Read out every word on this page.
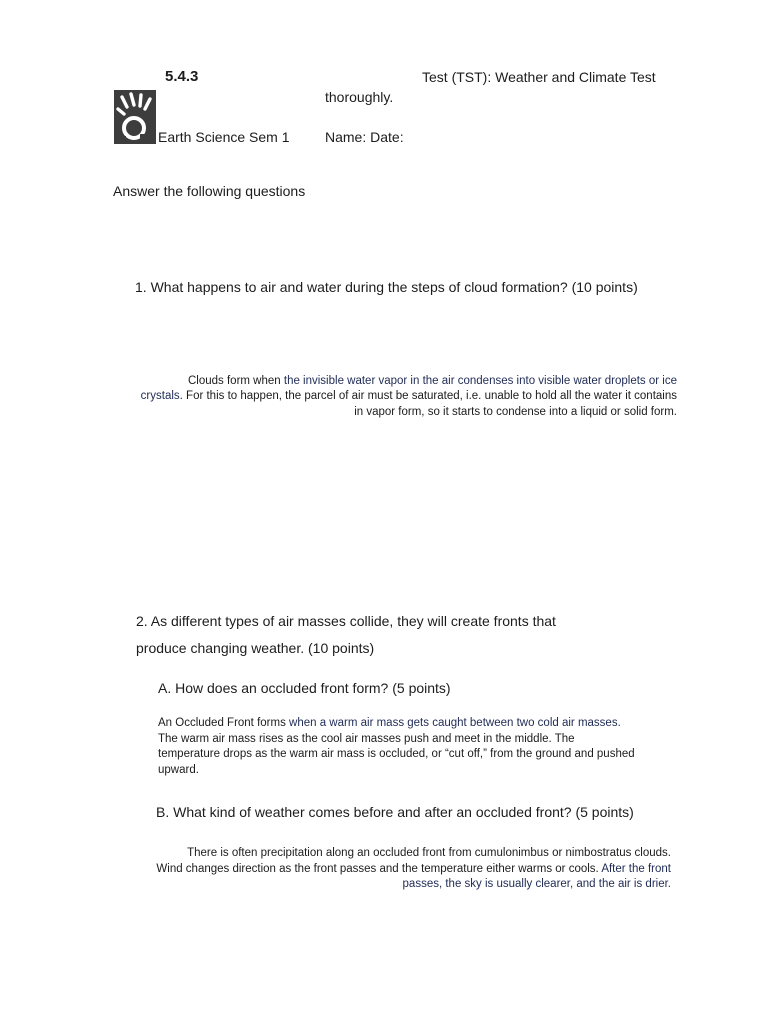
5.4.3	Test (TST): Weather and Climate Test
thoroughly.
Earth Science Sem 1	Name: Date:
Answer the following questions
1. What happens to air and water during the steps of cloud formation? (10 points)
Clouds form when the invisible water vapor in the air condenses into visible water droplets or ice
crystals. For this to happen, the parcel of air must be saturated, i.e. unable to hold all the water it contains
in vapor form, so it starts to condense into a liquid or solid form.
2. As different types of air masses collide, they will create fronts that
produce changing weather. (10 points)
A. How does an occluded front form? (5 points)
An Occluded Front forms when a warm air mass gets caught between two cold air masses.
The warm air mass rises as the cool air masses push and meet in the middle. The
temperature drops as the warm air mass is occluded, or “cut off,” from the ground and pushed
upward.
B. What kind of weather comes before and after an occluded front? (5 points)
There is often precipitation along an occluded front from cumulonimbus or nimbostratus clouds.
Wind changes direction as the front passes and the temperature either warms or cools. After the front
passes, the sky is usually clearer, and the air is drier.
